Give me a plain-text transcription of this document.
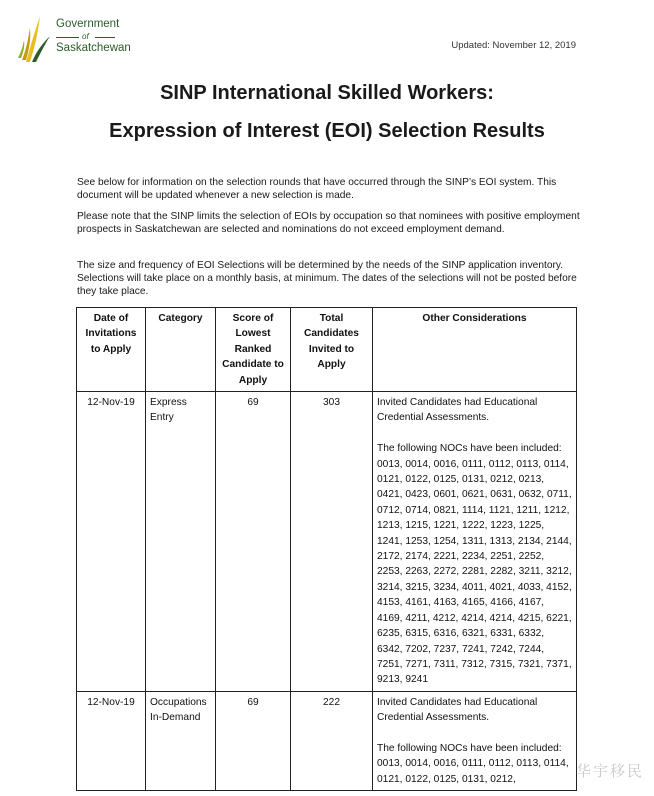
Government
of
Saskatchewan	Updated: November 12, 2019
SINP International Skilled Workers:
Expression of Interest (EOI) Selection Results
See below for information on the selection rounds that have occurred through the SINP’s EOI system. This document will be updated whenever a new selection is made.
Please note that the SINP limits the selection of EOIs by occupation so that nominees with positive employment prospects in Saskatchewan are selected and nominations do not exceed employment demand.
The size and frequency of EOI Selections will be determined by the needs of the SINP application inventory. Selections will take place on a monthly basis, at minimum. The dates of the selections will not be posted before they take place.
Date of Invitations to Apply	Category	Score of Lowest Ranked Candidate to Apply	Total Candidates Invited to Apply	Other Considerations
12-Nov-19	Express Entry	69	303	Invited Candidates had Educational Credential Assessments.
The following NOCs have been included: 0013, 0014, 0016, 0111, 0112, 0113, 0114, 0121, 0122, 0125, 0131, 0212, 0213, 0421, 0423, 0601, 0621, 0631, 0632, 0711, 0712, 0714, 0821, 1114, 1121, 1211, 1212, 1213, 1215, 1221, 1222, 1223, 1225, 1241, 1253, 1254, 1311, 1313, 2134, 2144, 2172, 2174, 2221, 2234, 2251, 2252, 2253, 2263, 2272, 2281, 2282, 3211, 3212, 3214, 3215, 3234, 4011, 4021, 4033, 4152, 4153, 4161, 4163, 4165, 4166, 4167, 4169, 4211, 4212, 4214, 4214, 4215, 6221, 6235, 6315, 6316, 6321, 6331, 6332, 6342, 7202, 7237, 7241, 7242, 7244, 7251, 7271, 7311, 7312, 7315, 7321, 7371, 9213, 9241

12-Nov-19	Occupations In-Demand	69	222	Invited Candidates had Educational Credential Assessments.
The following NOCs have been included: 0013, 0014, 0016, 0111, 0112, 0113, 0114, 0121, 0122, 0125, 0131, 0212,	华宇移民
